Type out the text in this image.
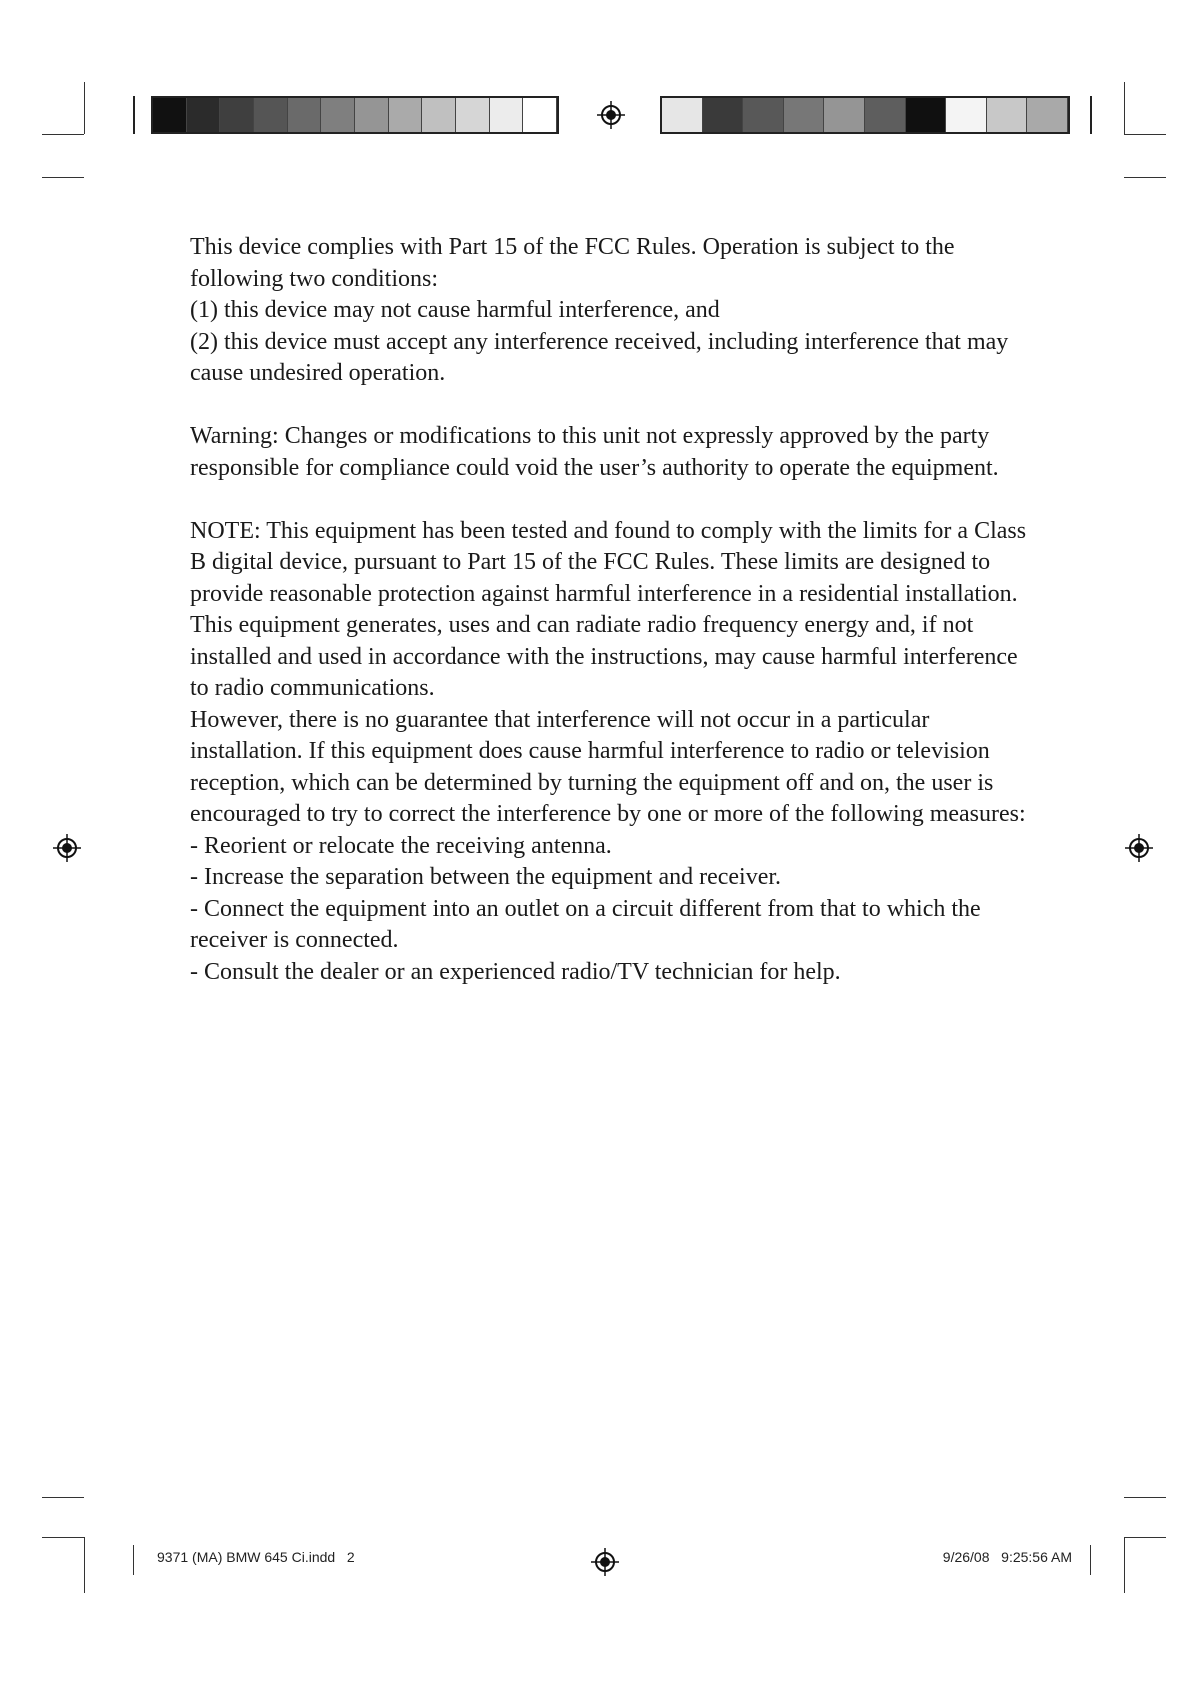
This device complies with Part 15 of the FCC Rules. Operation is subject to the following two conditions:

(1) this device may not cause harmful interference, and

(2) this device must accept any interference received, including interference that may cause undesired operation.

Warning: Changes or modifications to this unit not expressly approved by the party responsible for compliance could void the user’s authority to operate the equipment.

NOTE: This equipment has been tested and found to comply with the limits for a Class B digital device, pursuant to Part 15 of the FCC Rules. These limits are designed to provide reasonable protection against harmful interference in a residential installation. This equipment generates, uses and can radiate radio frequency energy and, if not installed and used in accordance with the instructions, may cause harmful interference to radio communications.

However, there is no guarantee that interference will not occur in a particular installation. If this equipment does cause harmful interference to radio or television reception, which can be determined by turning the equipment off and on, the user is encouraged to try to correct the interference by one or more of the following measures:

- Reorient or relocate the receiving antenna.

- Increase the separation between the equipment and receiver.

- Connect the equipment into an outlet on a circuit different from that to which the receiver is connected.

- Consult the dealer or an experienced radio/TV technician for help.

9371 (MA) BMW 645 Ci.indd   2	9/26/08   9:25:56 AM
